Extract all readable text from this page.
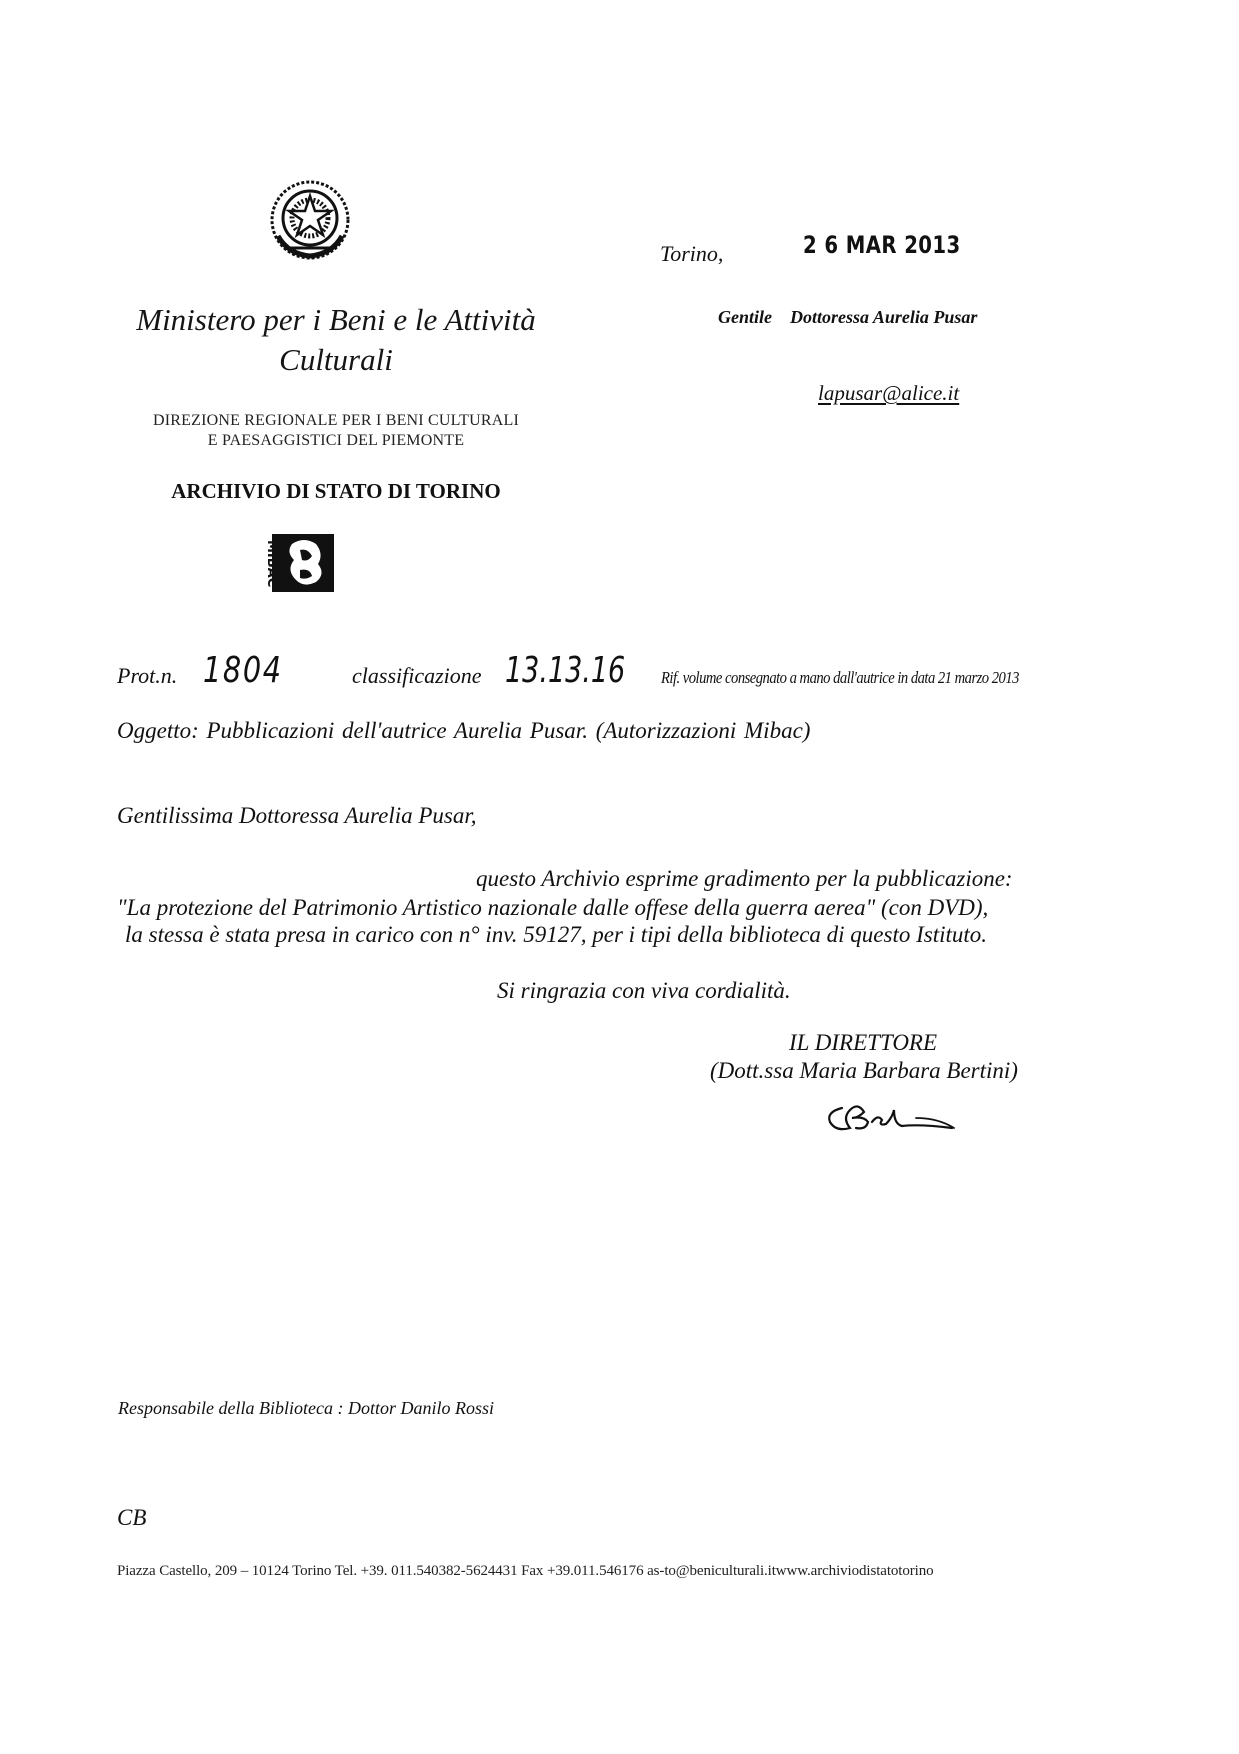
Ministero per i Beni e le Attività
Culturali
DIREZIONE REGIONALE PER I BENI CULTURALI
E PAESAGGISTICI DEL PIEMONTE
ARCHIVIO DI STATO DI TORINO
MIBAC
Torino,	2 6 MAR 2013
Gentile Dottoressa Aurelia Pusar
lapusar@alice.it
Prot.n. 1804	classificazione 13.13.16 Rif. volume consegnato a mano dall'autrice in data 21 marzo 2013
Oggetto: Pubblicazioni dell'autrice Aurelia Pusar. (Autorizzazioni Mibac)
Gentilissima Dottoressa Aurelia Pusar,
questo Archivio esprime gradimento per la pubblicazione:
"La protezione del Patrimonio Artistico nazionale dalle offese della guerra aerea" (con DVD),
la stessa è stata presa in carico con n° inv. 59127, per i tipi della biblioteca di questo Istituto.
Si ringrazia con viva cordialità.
IL DIRETTORE
(Dott.ssa Maria Barbara Bertini)
Responsabile della Biblioteca : Dottor Danilo Rossi
CB
Piazza Castello, 209 – 10124 Torino Tel. +39. 011.540382-5624431 Fax +39.011.546176 as-to@beniculturali.itwww.archiviodistatotorino
